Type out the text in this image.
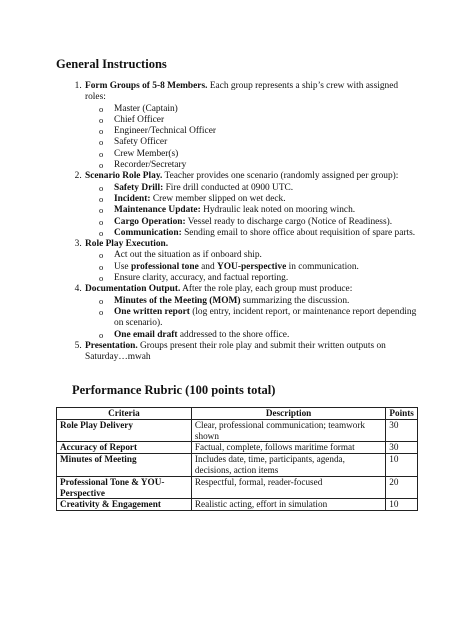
General Instructions
1. Form Groups of 5-8 Members. Each group represents a ship’s crew with assigned roles:
o Master (Captain)
o Chief Officer
o Engineer/Technical Officer
o Safety Officer
o Crew Member(s)
o Recorder/Secretary
2. Scenario Role Play. Teacher provides one scenario (randomly assigned per group):
o Safety Drill: Fire drill conducted at 0900 UTC.
o Incident: Crew member slipped on wet deck.
o Maintenance Update: Hydraulic leak noted on mooring winch.
o Cargo Operation: Vessel ready to discharge cargo (Notice of Readiness).
o Communication: Sending email to shore office about requisition of spare parts.
3. Role Play Execution.
o Act out the situation as if onboard ship.
o Use professional tone and YOU-perspective in communication.
o Ensure clarity, accuracy, and factual reporting.
4. Documentation Output. After the role play, each group must produce:
o Minutes of the Meeting (MOM) summarizing the discussion.
o One written report (log entry, incident report, or maintenance report depending on scenario).
o One email draft addressed to the shore office.
5. Presentation. Groups present their role play and submit their written outputs on Saturday…mwah
Performance Rubric (100 points total)
Criteria	Description	Points
Role Play Delivery	Clear, professional communication; teamwork shown	30
Accuracy of Report	Factual, complete, follows maritime format	30
Minutes of Meeting	Includes date, time, participants, agenda, decisions, action items	10
Professional Tone & YOU-Perspective	Respectful, formal, reader-focused	20
Creativity & Engagement	Realistic acting, effort in simulation	10
